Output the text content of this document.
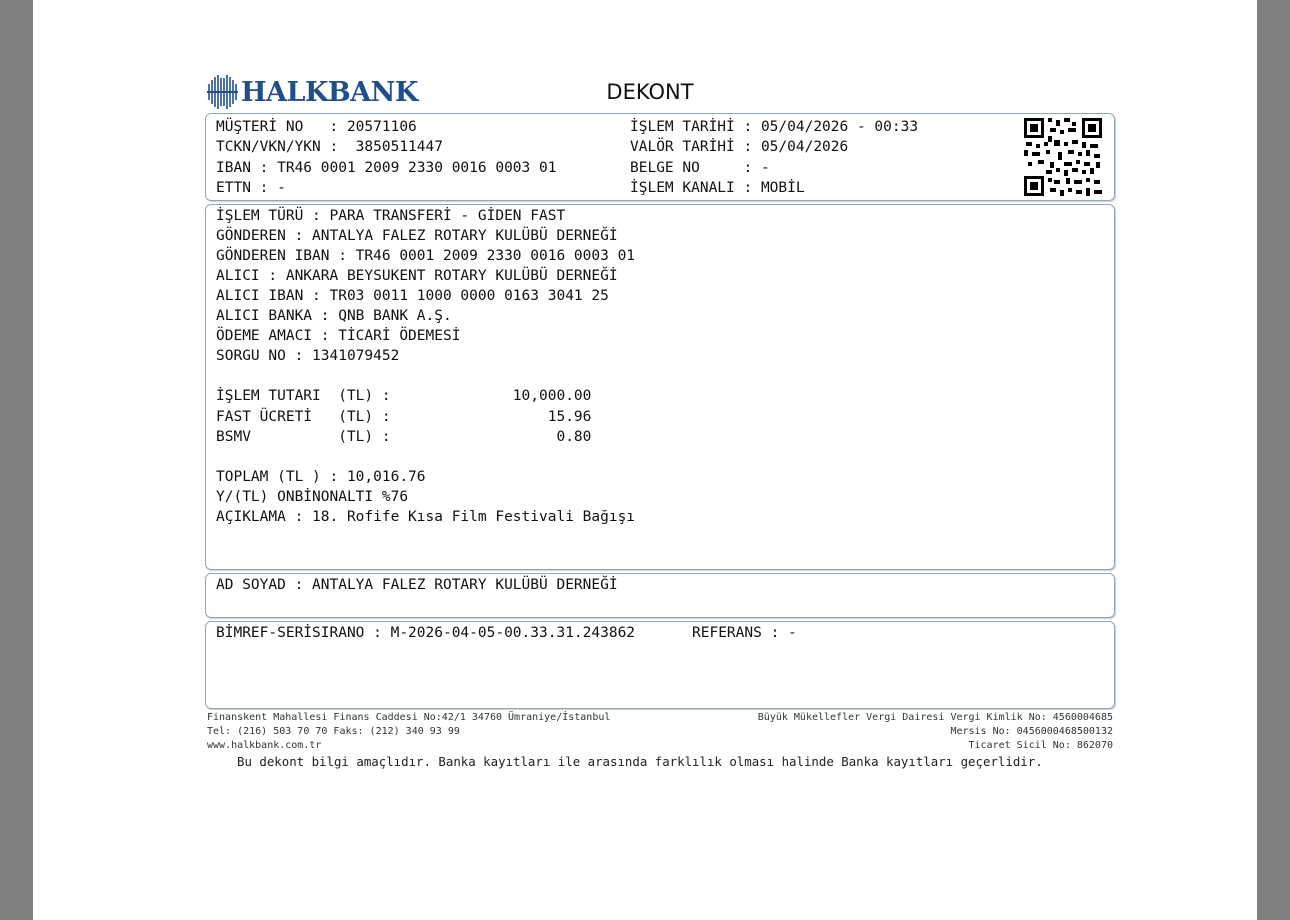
HALKBANK	DEKONT
MÜŞTERİ NO   : 20571106
TCKN/VKN/YKN :  3850511447
IBAN : TR46 0001 2009 2330 0016 0003 01
ETTN : -
İŞLEM TARİHİ : 05/04/2026 - 00:33
VALÖR TARİHİ : 05/04/2026
BELGE NO     : -
İŞLEM KANALI : MOBİL
İŞLEM TÜRÜ : PARA TRANSFERİ - GİDEN FAST
GÖNDEREN : ANTALYA FALEZ ROTARY KULÜBÜ DERNEĞİ
GÖNDEREN IBAN : TR46 0001 2009 2330 0016 0003 01
ALICI : ANKARA BEYSUKENT ROTARY KULÜBÜ DERNEĞİ
ALICI IBAN : TR03 0011 1000 0000 0163 3041 25
ALICI BANKA : QNB BANK A.Ş.
ÖDEME AMACI : TİCARİ ÖDEMESİ
SORGU NO : 1341079452
İŞLEM TUTARI  (TL) :              10,000.00
FAST ÜCRETİ   (TL) :                  15.96
BSMV          (TL) :                   0.80
TOPLAM (TL ) : 10,016.76
Y/(TL) ONBİNONALTI %76
AÇIKLAMA : 18. Rofife Kısa Film Festivali Bağışı
AD SOYAD : ANTALYA FALEZ ROTARY KULÜBÜ DERNEĞİ
BİMREF-SERİSIRANO : M-2026-04-05-00.33.31.243862	REFERANS : -
Finanskent Mahallesi Finans Caddesi No:42/1 34760 Ümraniye/İstanbul
Tel: (216) 503 70 70 Faks: (212) 340 93 99
www.halkbank.com.tr
Büyük Mükellefler Vergi Dairesi Vergi Kimlik No: 4560004685
Mersis No: 0456000468500132
Ticaret Sicil No: 862070
Bu dekont bilgi amaçlıdır. Banka kayıtları ile arasında farklılık olması halinde Banka kayıtları geçerlidir.
